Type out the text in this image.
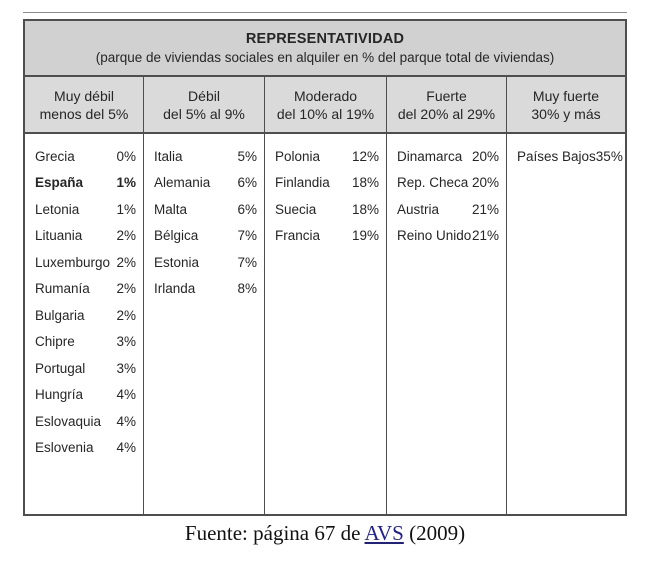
REPRESENTATIVIDAD
(parque de viviendas sociales en alquiler en % del parque total de viviendas)
Muy débil
menos del 5%
Débil
del 5% al 9%
Moderado
del 10% al 19%
Fuerte
del 20% al 29%
Muy fuerte
30% y más
Grecia	0%
España 1%
Letonia	1%
Lituania	2%
Luxemburgo 2%
Rumanía 2%
Bulgaria 2%
Chipre	3%
Portugal 3%
Hungría 4%
Eslovaquia 4%
Eslovenia 4%
Italia	5%
Alemania 6%
Malta	6%
Bélgica	7%
Estonia	7%
Irlanda	8%
Polonia 12%
Finlandia 18%
Suecia	18%
Francia 19%
Dinamarca 20%
Rep. Checa 20%
Austria 21%
Reino Unido 21%
Países Bajos 35%
Fuente: página 67 de AVS (2009)
